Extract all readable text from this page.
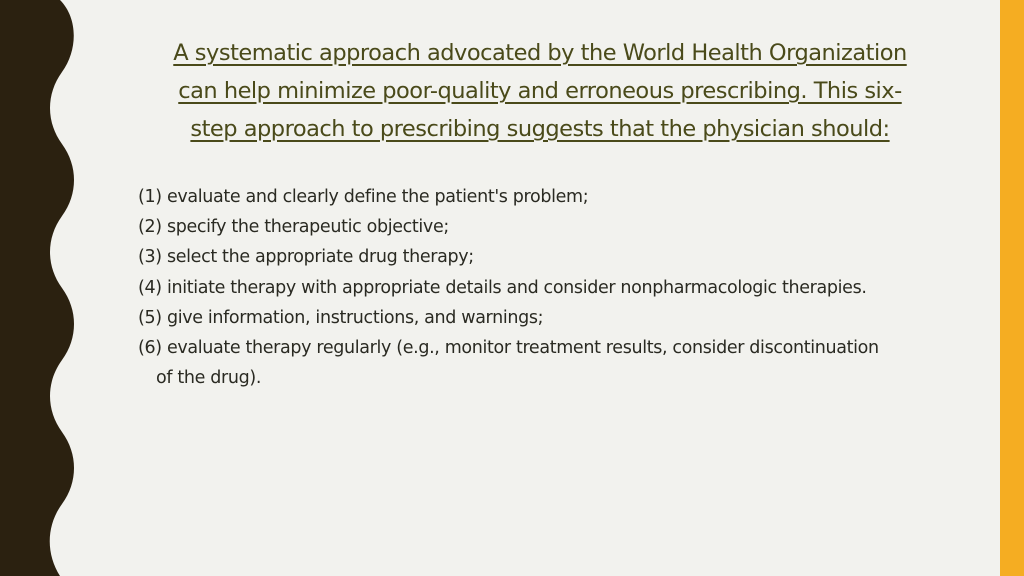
A systematic approach advocated by the World Health Organization
can help minimize poor-quality and erroneous prescribing. This six-
step approach to prescribing suggests that the physician should:
(1) evaluate and clearly define the patient's problem;
(2) specify the therapeutic objective;
(3) select the appropriate drug therapy;
(4) initiate therapy with appropriate details and consider nonpharmacologic therapies.
(5) give information, instructions, and warnings;
(6) evaluate therapy regularly (e.g., monitor treatment results, consider discontinuation
of the drug).
